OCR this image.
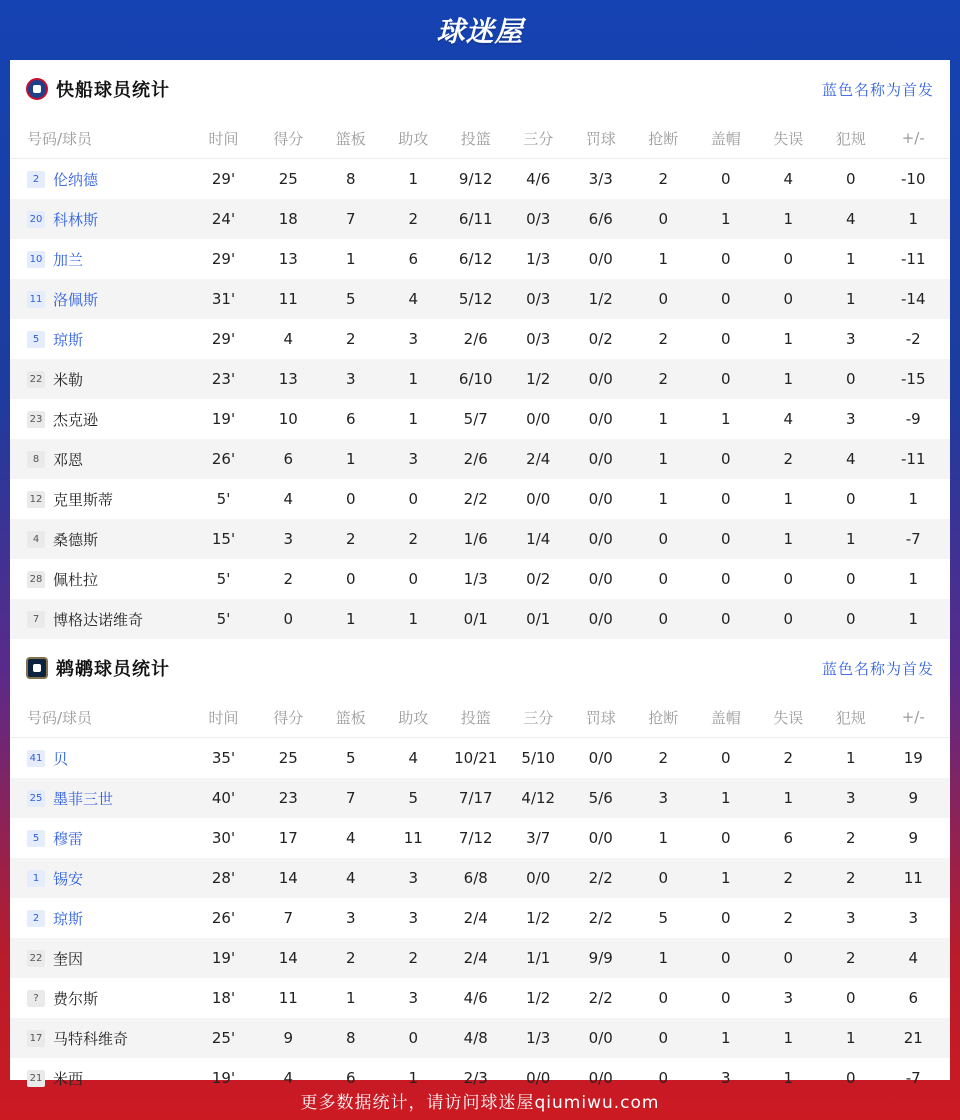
球迷屋
快船球员统计	蓝色名称为首发
号码/球员	时间	得分	篮板	助攻	投篮	三分	罚球	抢断	盖帽	失误	犯规	+/-
2 伦纳德	29'	25	8	1	9/12	4/6	3/3	2	0	4	0	-10
20 科林斯	24'	18	7	2	6/11	0/3	6/6	0	1	1	4	1
10 加兰	29'	13	1	6	6/12	1/3	0/0	1	0	0	1	-11
11 洛佩斯	31'	11	5	4	5/12	0/3	1/2	0	0	0	1	-14
5 琼斯	29'	4	2	3	2/6	0/3	0/2	2	0	1	3	-2
22 米勒	23'	13	3	1	6/10	1/2	0/0	2	0	1	0	-15
23 杰克逊	19'	10	6	1	5/7	0/0	0/0	1	1	4	3	-9
8 邓恩	26'	6	1	3	2/6	2/4	0/0	1	0	2	4	-11
12 克里斯蒂	5'	4	0	0	2/2	0/0	0/0	1	0	1	0	1
4 桑德斯	15'	3	2	2	1/6	1/4	0/0	0	0	1	1	-7
28 佩杜拉	5'	2	0	0	1/3	0/2	0/0	0	0	0	0	1
7 博格达诺维奇	5'	0	1	1	0/1	0/1	0/0	0	0	0	0	1
鹈鹕球员统计	蓝色名称为首发
号码/球员	时间	得分	篮板	助攻	投篮	三分	罚球	抢断	盖帽	失误	犯规	+/-
41 贝	35'	25	5	4	10/21	5/10	0/0	2	0	2	1	19
25 墨菲三世	40'	23	7	5	7/17	4/12	5/6	3	1	1	3	9
5 穆雷	30'	17	4	11	7/12	3/7	0/0	1	0	6	2	9
1 锡安	28'	14	4	3	6/8	0/0	2/2	0	1	2	2	11
2 琼斯	26'	7	3	3	2/4	1/2	2/2	5	0	2	3	3
22 奎因	19'	14	2	2	2/4	1/1	9/9	1	0	0	2	4
? 费尔斯	18'	11	1	3	4/6	1/2	2/2	0	0	3	0	6
17 马特科维奇	25'	9	8	0	4/8	1/3	0/0	0	1	1	1	21
21 米西	19'	4	6	1	2/3	0/0	0/0	0	3	1	0	-7
更多数据统计，请访问球迷屋qiumiwu.com
